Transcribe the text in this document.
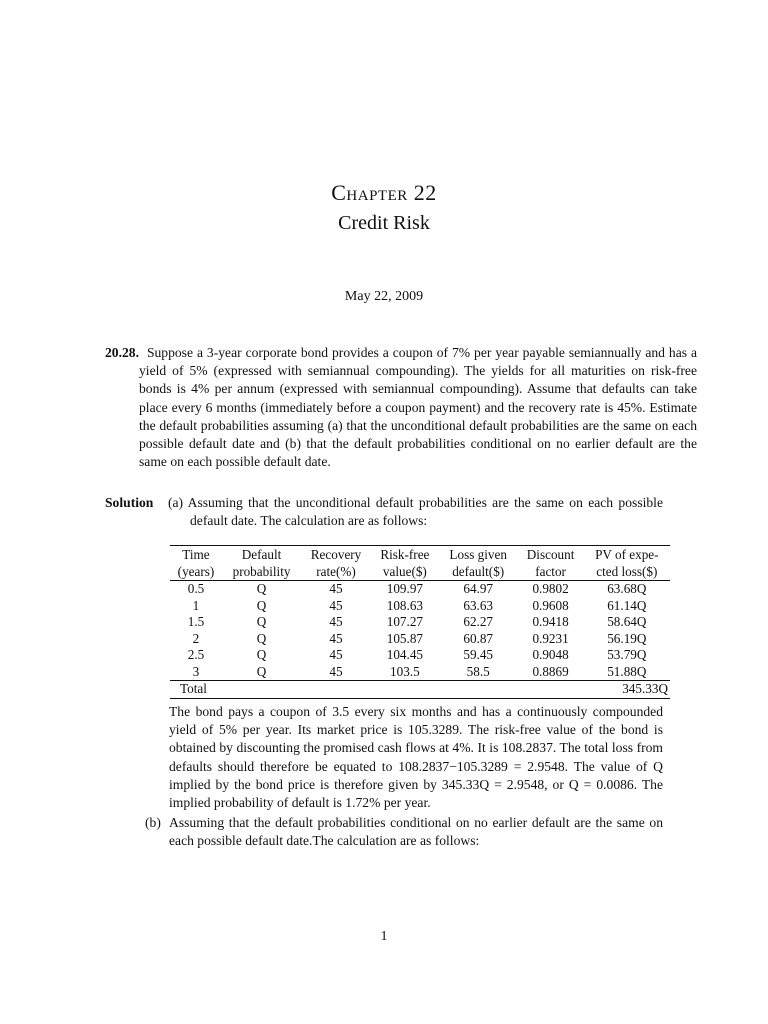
Chapter 22
Credit Risk
May 22, 2009
20.28. Suppose a 3-year corporate bond provides a coupon of 7% per year payable semiannually and has a yield of 5% (expressed with semiannual compounding). The yields for all maturities on risk-free bonds is 4% per annum (expressed with semiannual compounding). Assume that defaults can take place every 6 months (immediately before a coupon payment) and the recovery rate is 45%. Estimate the default probabilities assuming (a) that the unconditional default probabilities are the same on each possible default date and (b) that the default probabilities conditional on no earlier default are the same on each possible default date.
Solution (a) Assuming that the unconditional default probabilities are the same on each possible default date. The calculation are as follows:
Time	Default	Recovery	Risk-free	Loss given	Discount	PV of expe-
(years)	probability	rate(%)	value($)	default($)	factor	cted loss($)
0.5	Q	45	109.97	64.97	0.9802	63.68Q
1	Q	45	108.63	63.63	0.9608	61.14Q
1.5	Q	45	107.27	62.27	0.9418	58.64Q
2	Q	45	105.87	60.87	0.9231	56.19Q
2.5	Q	45	104.45	59.45	0.9048	53.79Q
3	Q	45	103.5	58.5	0.8869	51.88Q
Total						345.33Q
The bond pays a coupon of 3.5 every six months and has a continuously compounded yield of 5% per year. Its market price is 105.3289. The risk-free value of the bond is obtained by discounting the promised cash flows at 4%. It is 108.2837. The total loss from defaults should therefore be equated to 108.2837−105.3289 = 2.9548. The value of Q implied by the bond price is therefore given by 345.33Q = 2.9548, or Q = 0.0086. The implied probability of default is 1.72% per year.
(b) Assuming that the default probabilities conditional on no earlier default are the same on each possible default date.The calculation are as follows:
1
